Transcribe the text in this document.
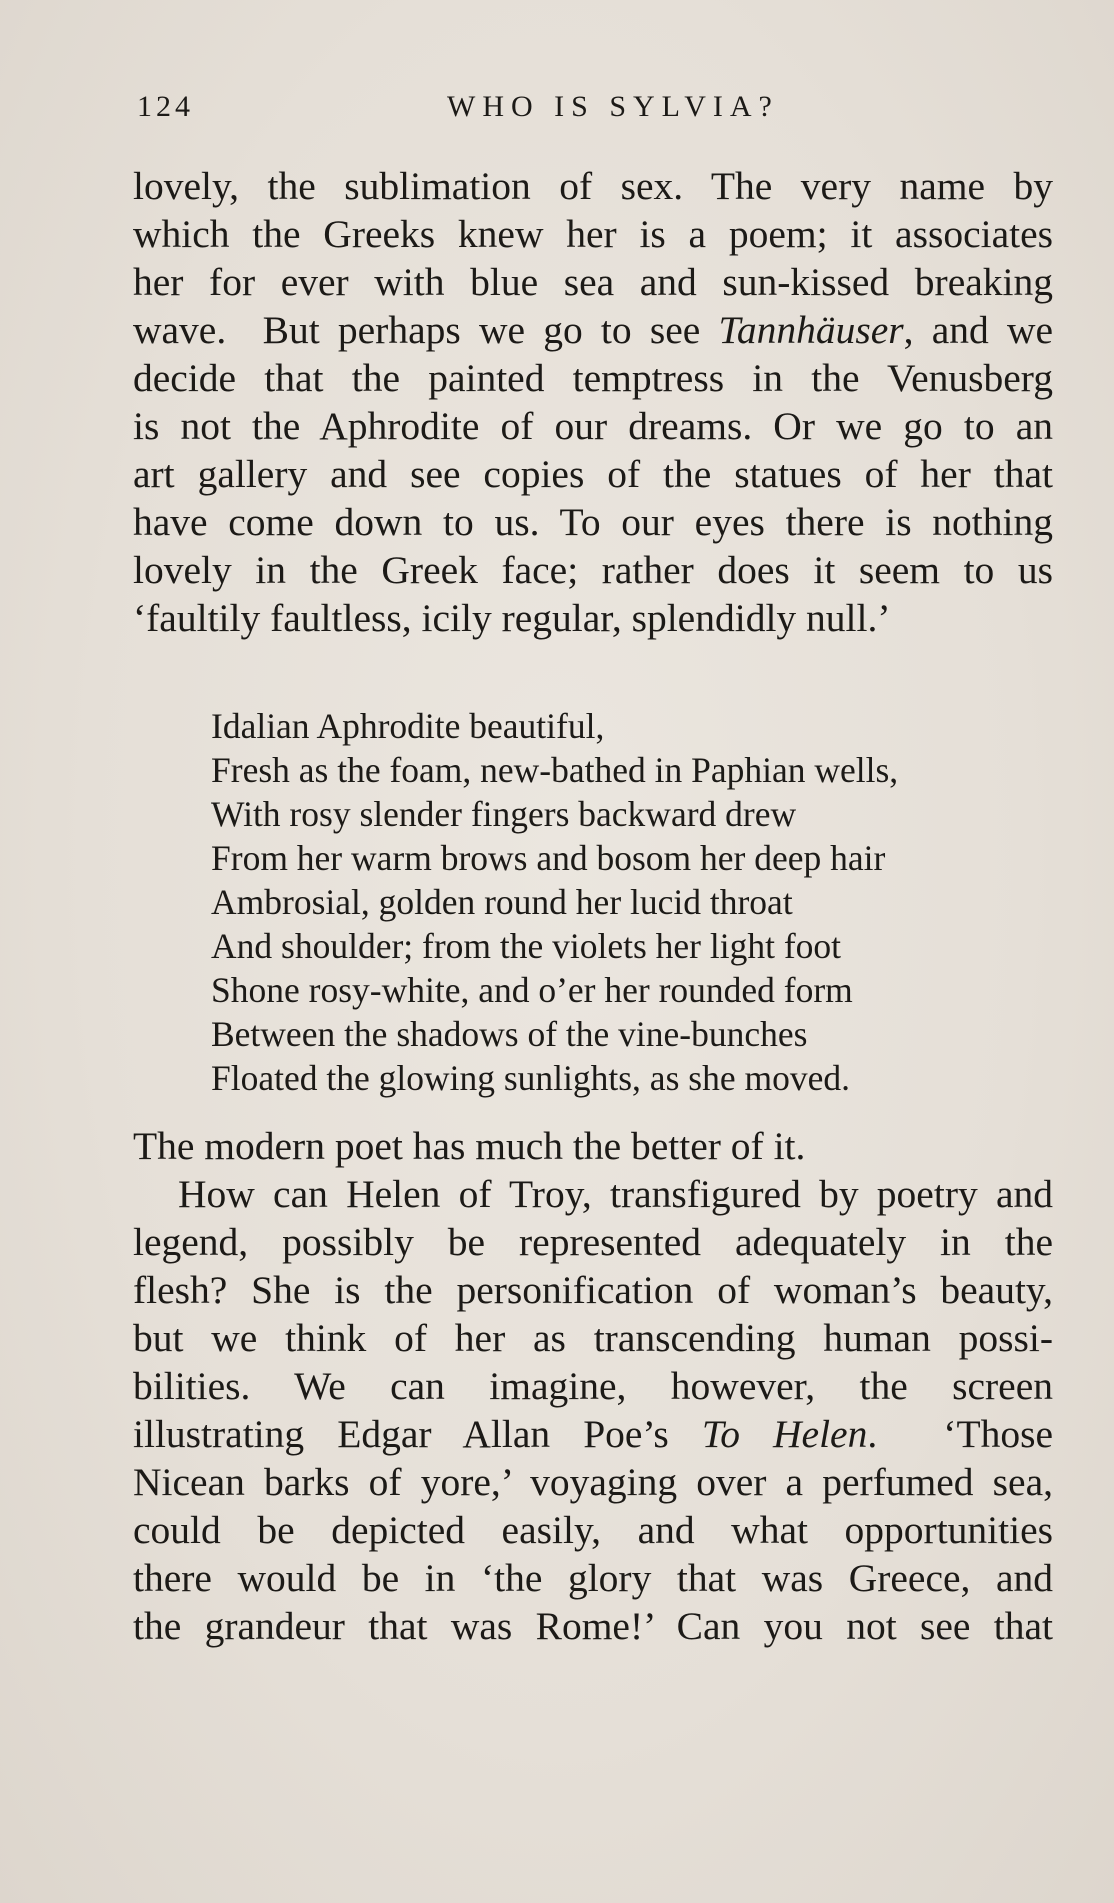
124	WHO IS SYLVIA?
lovely, the sublimation of sex. The very name by
which the Greeks knew her is a poem; it associates
her for ever with blue sea and sun-kissed breaking
wave.  But perhaps we go to see Tannhäuser, and we
decide that the painted temptress in the Venusberg
is not the Aphrodite of our dreams. Or we go to an
art gallery and see copies of the statues of her that
have come down to us. To our eyes there is nothing
lovely in the Greek face; rather does it seem to us
‘faultily faultless, icily regular, splendidly null.’
Idalian Aphrodite beautiful,
Fresh as the foam, new-bathed in Paphian wells,
With rosy slender fingers backward drew
From her warm brows and bosom her deep hair
Ambrosial, golden round her lucid throat
And shoulder; from the violets her light foot
Shone rosy-white, and o’er her rounded form
Between the shadows of the vine-bunches
Floated the glowing sunlights, as she moved.
The modern poet has much the better of it.
How can Helen of Troy, transfigured by poetry and
legend, possibly be represented adequately in the
flesh? She is the personification of woman’s beauty,
but we think of her as transcending human possi-
bilities. We can imagine, however, the screen
illustrating Edgar Allan Poe’s To Helen.  ‘Those
Nicean barks of yore,’ voyaging over a perfumed sea,
could be depicted easily, and what opportunities
there would be in ‘the glory that was Greece, and
the grandeur that was Rome!’ Can you not see that
